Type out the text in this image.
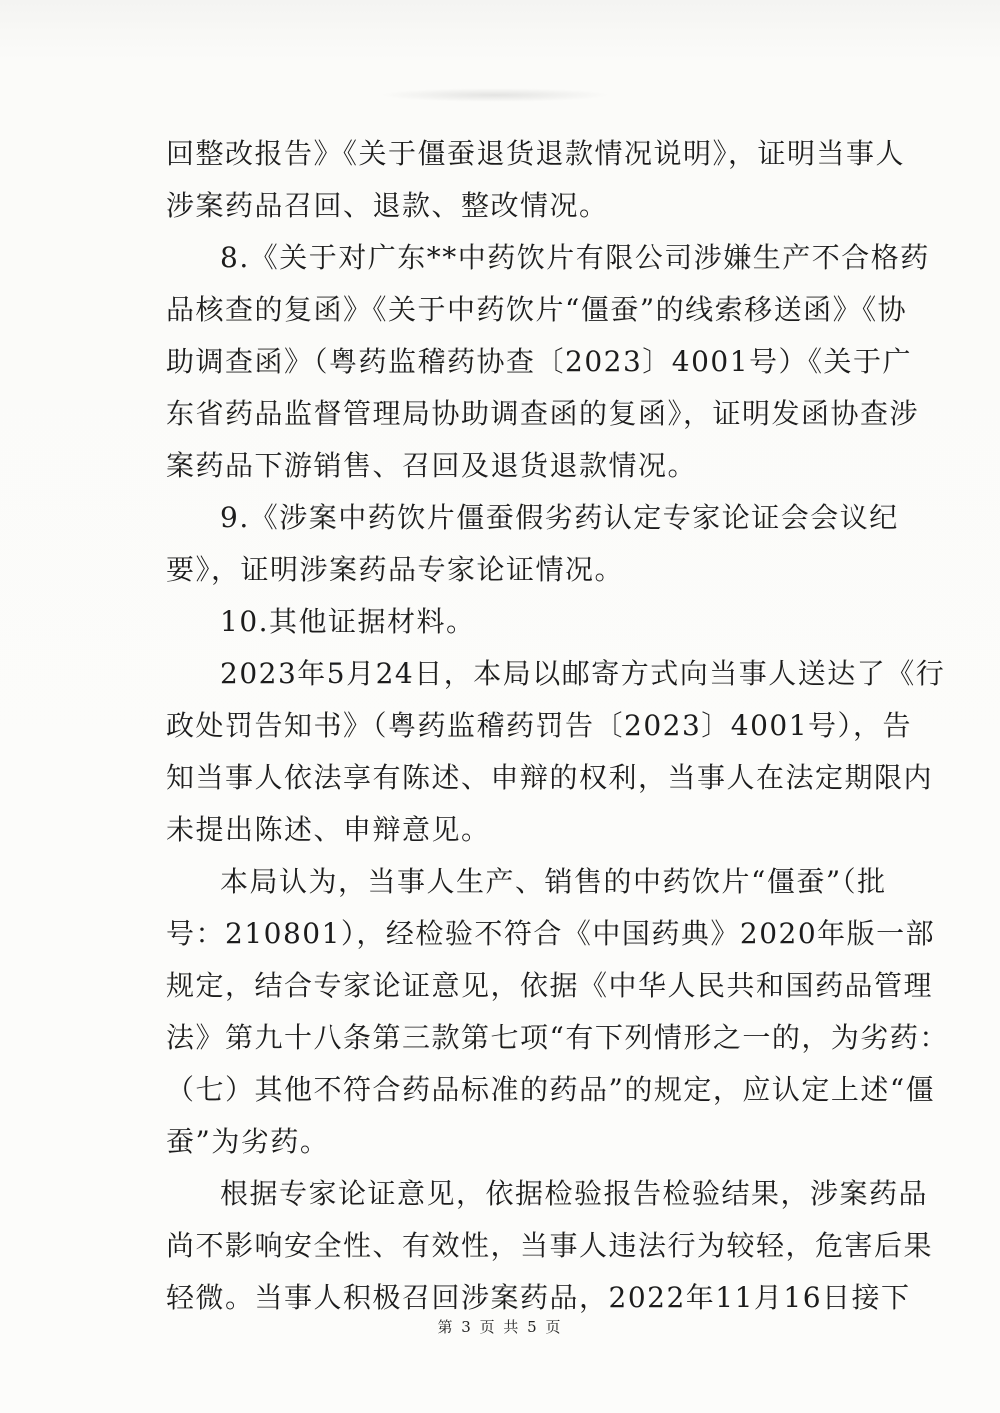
回整改报告》《关于僵蚕退货退款情况说明》，证明当事人
涉案药品召回、退款、整改情况。
8.《关于对广东**中药饮片有限公司涉嫌生产不合格药
品核查的复函》《关于中药饮片“僵蚕”的线索移送函》《协
助调查函》（粤药监稽药协查〔2023〕4001号）《关于广
东省药品监督管理局协助调查函的复函》，证明发函协查涉
案药品下游销售、召回及退货退款情况。
9.《涉案中药饮片僵蚕假劣药认定专家论证会会议纪
要》，证明涉案药品专家论证情况。
10.其他证据材料。
2023年5月24日，本局以邮寄方式向当事人送达了《行
政处罚告知书》（粤药监稽药罚告〔2023〕4001号），告
知当事人依法享有陈述、申辩的权利，当事人在法定期限内
未提出陈述、申辩意见。
本局认为，当事人生产、销售的中药饮片“僵蚕”（批
号：210801），经检验不符合《中国药典》2020年版一部
规定，结合专家论证意见，依据《中华人民共和国药品管理
法》第九十八条第三款第七项“有下列情形之一的，为劣药：
（七）其他不符合药品标准的药品”的规定，应认定上述“僵
蚕”为劣药。
根据专家论证意见，依据检验报告检验结果，涉案药品
尚不影响安全性、有效性，当事人违法行为较轻，危害后果
轻微。当事人积极召回涉案药品，2022年11月16日接下
第 3 页 共 5 页
